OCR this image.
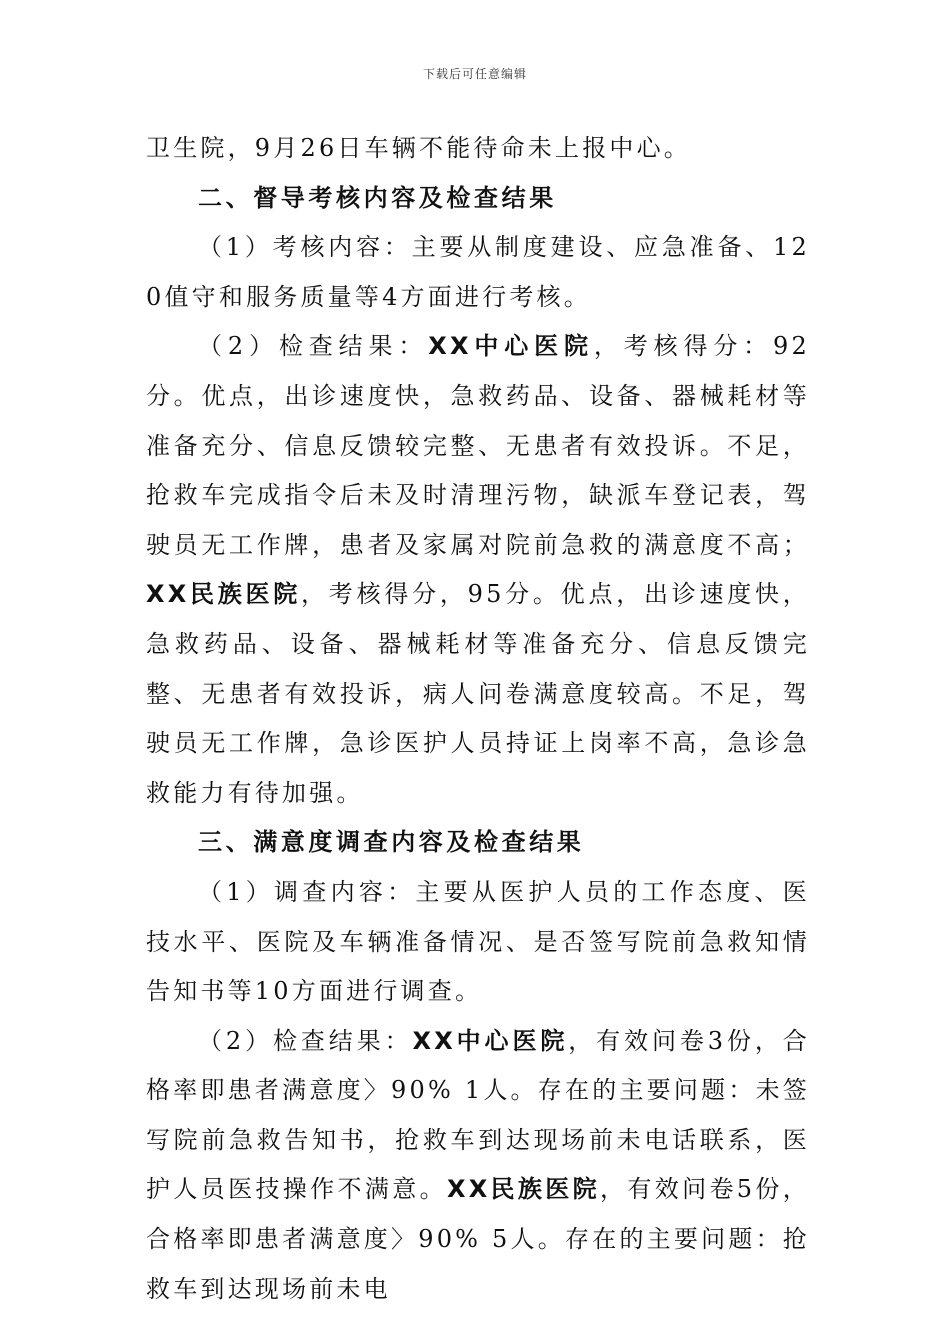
下载后可任意编辑

卫生院，9月26日车辆不能待命未上报中心。

二、督导考核内容及检查结果

（1）考核内容：主要从制度建设、应急准备、120值守和服务质量等4方面进行考核。

（2）检查结果：XX中心医院，考核得分：92分。优点，出诊速度快，急救药品、设备、器械耗材等准备充分、信息反馈较完整、无患者有效投诉。不足，抢救车完成指令后未及时清理污物，缺派车登记表，驾驶员无工作牌，患者及家属对院前急救的满意度不高；XX民族医院，考核得分，95分。优点，出诊速度快，急救药品、设备、器械耗材等准备充分、信息反馈完整、无患者有效投诉，病人问卷满意度较高。不足，驾驶员无工作牌，急诊医护人员持证上岗率不高，急诊急救能力有待加强。

三、满意度调查内容及检查结果

（1）调查内容：主要从医护人员的工作态度、医技水平、医院及车辆准备情况、是否签写院前急救知情告知书等10方面进行调查。

（2）检查结果：XX中心医院，有效问卷3份，合格率即患者满意度〉90% 1人。存在的主要问题：未签写院前急救告知书，抢救车到达现场前未电话联系，医护人员医技操作不满意。XX民族医院，有效问卷5份，合格率即患者满意度〉90% 5人。存在的主要问题：抢救车到达现场前未电
